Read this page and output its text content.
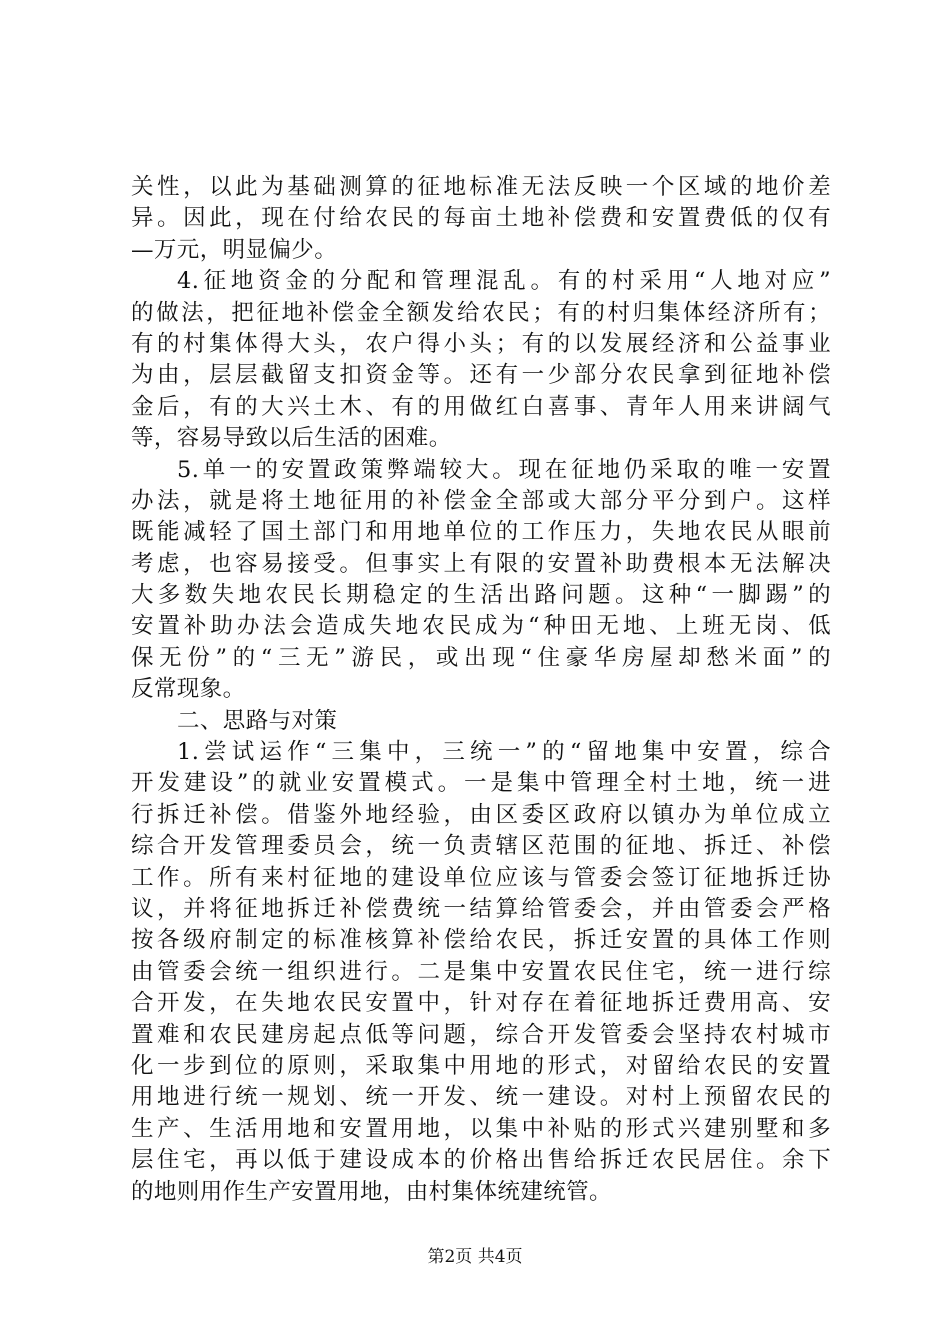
关性，以此为基础测算的征地标准无法反映一个区域的地价差
异。因此，现在付给农民的每亩土地补偿费和安置费低的仅有
—万元，明显偏少。
4.征地资金的分配和管理混乱。有的村采用“人地对应”
的做法，把征地补偿金全额发给农民；有的村归集体经济所有；
有的村集体得大头，农户得小头；有的以发展经济和公益事业
为由，层层截留支扣资金等。还有一少部分农民拿到征地补偿
金后，有的大兴土木、有的用做红白喜事、青年人用来讲阔气
等，容易导致以后生活的困难。
5.单一的安置政策弊端较大。现在征地仍采取的唯一安置
办法，就是将土地征用的补偿金全部或大部分平分到户。这样
既能减轻了国土部门和用地单位的工作压力，失地农民从眼前
考虑，也容易接受。但事实上有限的安置补助费根本无法解决
大多数失地农民长期稳定的生活出路问题。这种“一脚踢”的
安置补助办法会造成失地农民成为“种田无地、上班无岗、低
保无份”的“三无”游民，或出现“住豪华房屋却愁米面”的
反常现象。
二、思路与对策
1.尝试运作“三集中，三统一”的“留地集中安置，综合
开发建设”的就业安置模式。一是集中管理全村土地，统一进
行拆迁补偿。借鉴外地经验，由区委区政府以镇办为单位成立
综合开发管理委员会，统一负责辖区范围的征地、拆迁、补偿
工作。所有来村征地的建设单位应该与管委会签订征地拆迁协
议，并将征地拆迁补偿费统一结算给管委会，并由管委会严格
按各级府制定的标准核算补偿给农民，拆迁安置的具体工作则
由管委会统一组织进行。二是集中安置农民住宅，统一进行综
合开发，在失地农民安置中，针对存在着征地拆迁费用高、安
置难和农民建房起点低等问题，综合开发管委会坚持农村城市
化一步到位的原则，采取集中用地的形式，对留给农民的安置
用地进行统一规划、统一开发、统一建设。对村上预留农民的
生产、生活用地和安置用地，以集中补贴的形式兴建别墅和多
层住宅，再以低于建设成本的价格出售给拆迁农民居住。余下
的地则用作生产安置用地，由村集体统建统管。
第2页 共4页
